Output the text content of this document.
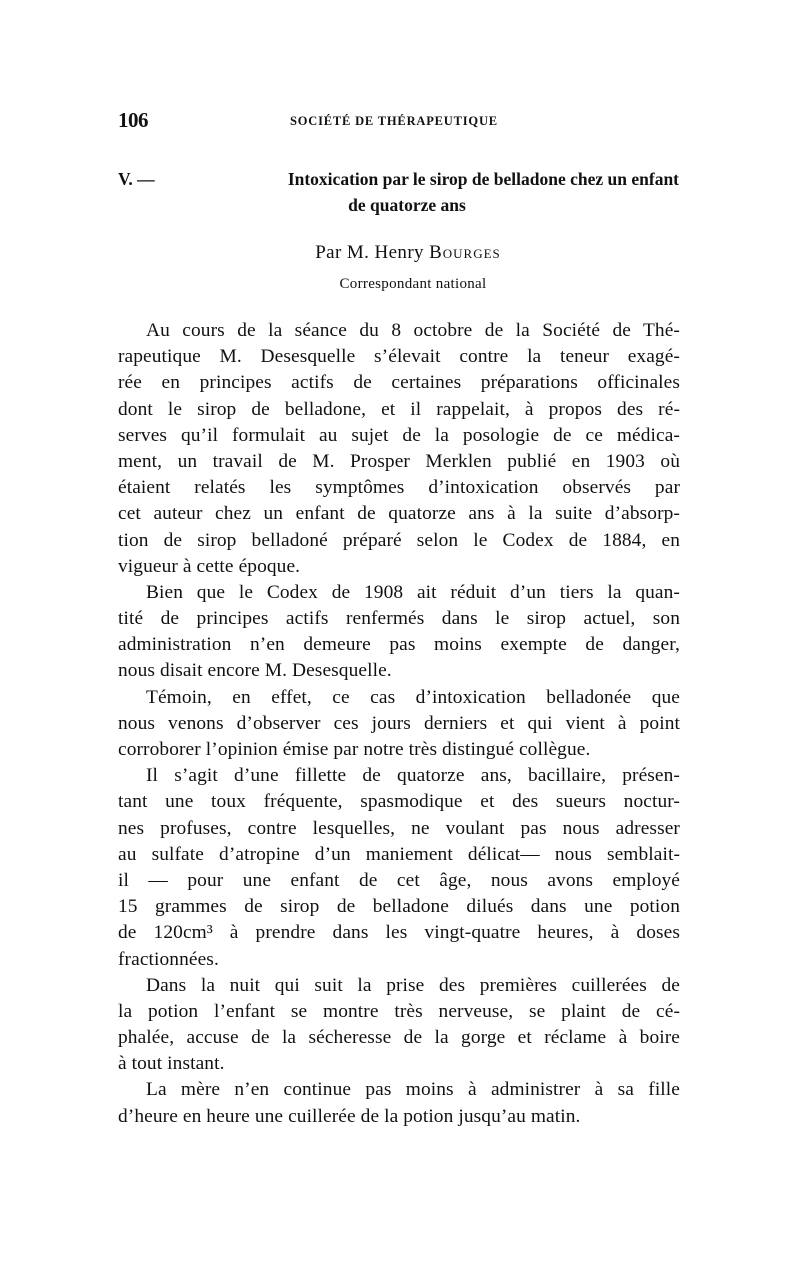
106	SOCIÉTÉ DE THÉRAPEUTIQUE
V. —	Intoxication par le sirop de belladone chez un enfant
de quatorze ans
Par M. Henry Bourges
Correspondant national
Au cours de la séance du 8 octobre de la Société de Thé-
rapeutique M. Desesquelle s’élevait contre la teneur exagé-
rée en principes actifs de certaines préparations officinales
dont le sirop de belladone, et il rappelait, à propos des ré-
serves qu’il formulait au sujet de la posologie de ce médica-
ment, un travail de M. Prosper Merklen publié en 1903 où
étaient relatés les symptômes d’intoxication observés par
cet auteur chez un enfant de quatorze ans à la suite d’absorp-
tion de sirop belladoné préparé selon le Codex de 1884, en
vigueur à cette époque.
Bien que le Codex de 1908 ait réduit d’un tiers la quan-
tité de principes actifs renfermés dans le sirop actuel, son
administration n’en demeure pas moins exempte de danger,
nous disait encore M. Desesquelle.
Témoin, en effet, ce cas d’intoxication belladonée que
nous venons d’observer ces jours derniers et qui vient à point
corroborer l’opinion émise par notre très distingué collègue.
Il s’agit d’une fillette de quatorze ans, bacillaire, présen-
tant une toux fréquente, spasmodique et des sueurs noctur-
nes profuses, contre lesquelles, ne voulant pas nous adresser
au sulfate d’atropine d’un maniement délicat— nous semblait-
il — pour une enfant de cet âge, nous avons employé
15 grammes de sirop de belladone dilués dans une potion
de 120cm³ à prendre dans les vingt-quatre heures, à doses
fractionnées.
Dans la nuit qui suit la prise des premières cuillerées de
la potion l’enfant se montre très nerveuse, se plaint de cé-
phalée, accuse de la sécheresse de la gorge et réclame à boire
à tout instant.
La mère n’en continue pas moins à administrer à sa fille
d’heure en heure une cuillerée de la potion jusqu’au matin.
